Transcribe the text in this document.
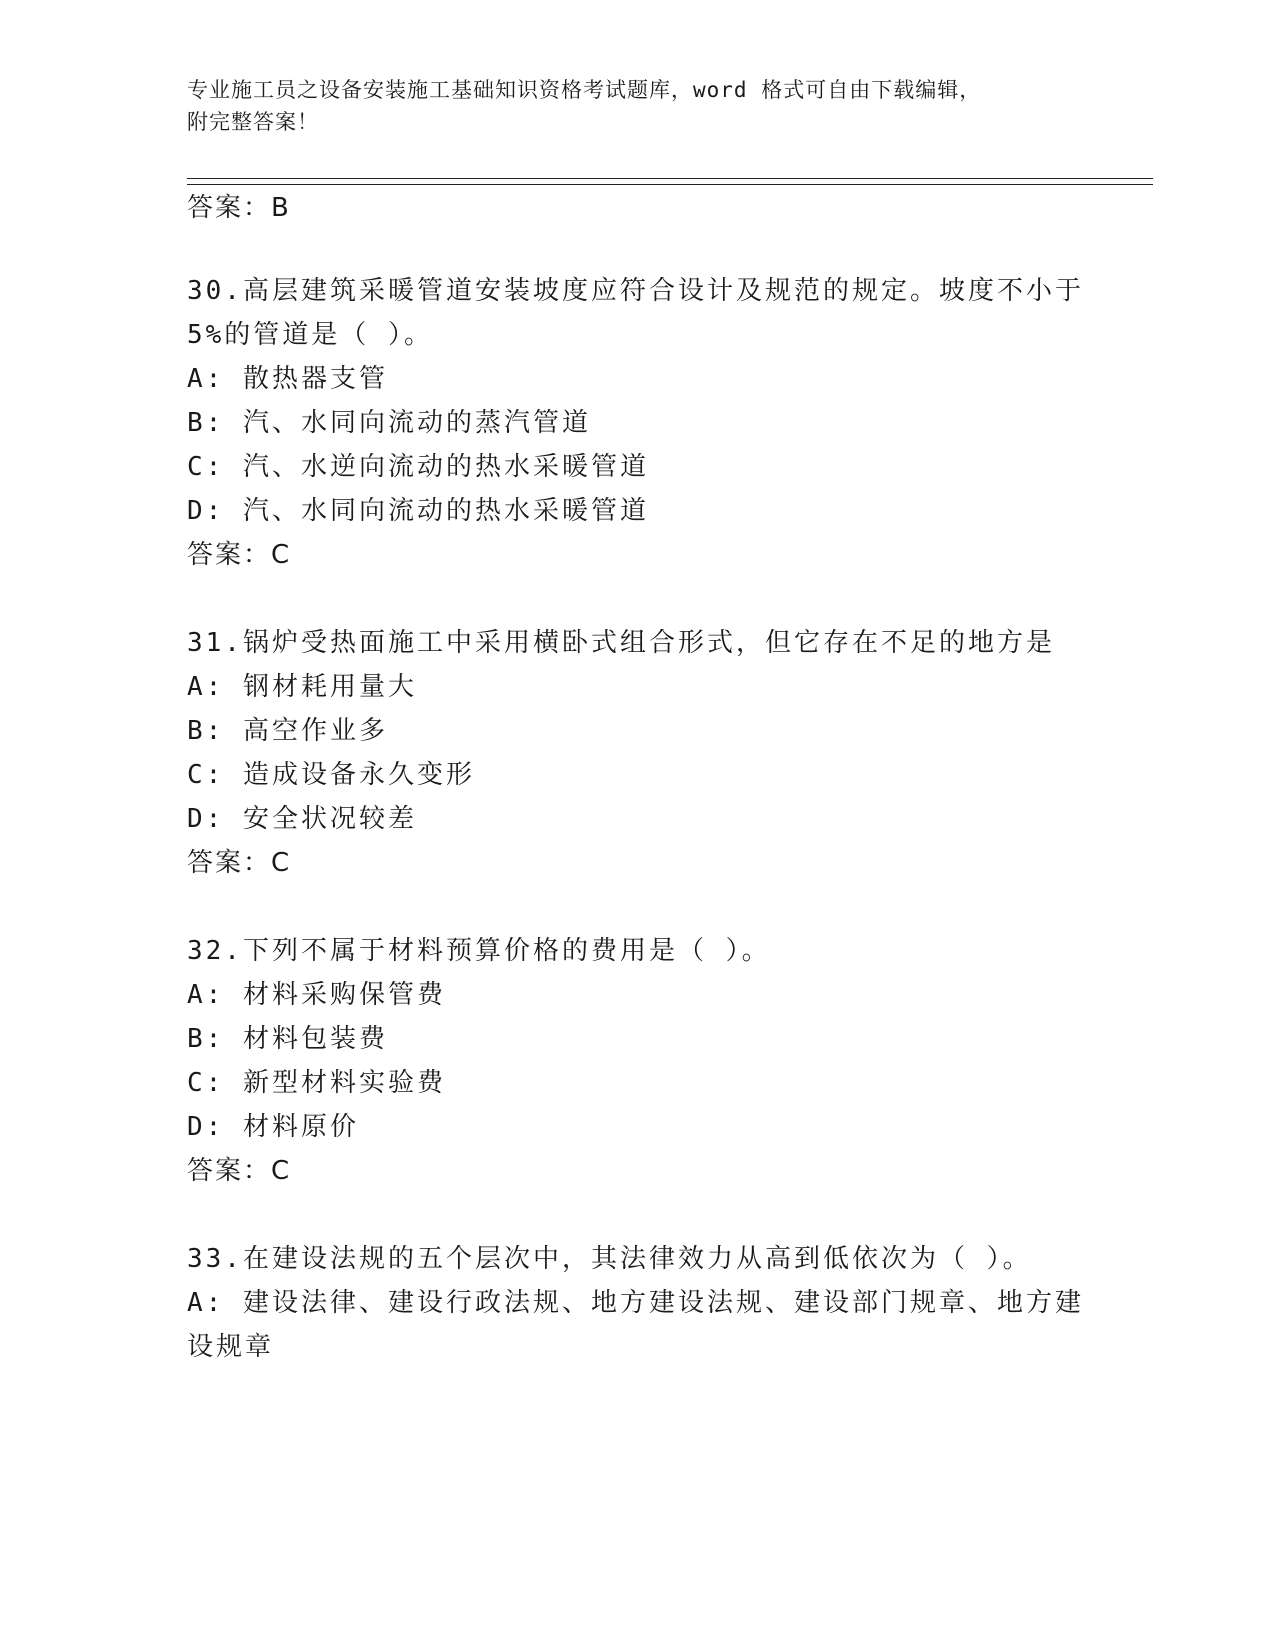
专业施工员之设备安装施工基础知识资格考试题库，word 格式可自由下载编辑，
附完整答案！
答案：B
30.高层建筑采暖管道安装坡度应符合设计及规范的规定。坡度不小于
5%的管道是（ ）。
A: 散热器支管
B: 汽、水同向流动的蒸汽管道
C: 汽、水逆向流动的热水采暖管道
D: 汽、水同向流动的热水采暖管道
答案：C
31.锅炉受热面施工中采用横卧式组合形式，但它存在不足的地方是
A: 钢材耗用量大
B: 高空作业多
C: 造成设备永久变形
D: 安全状况较差
答案：C
32.下列不属于材料预算价格的费用是（ ）。
A: 材料采购保管费
B: 材料包装费
C: 新型材料实验费
D: 材料原价
答案：C
33.在建设法规的五个层次中，其法律效力从高到低依次为（ ）。
A: 建设法律、建设行政法规、地方建设法规、建设部门规章、地方建
设规章
